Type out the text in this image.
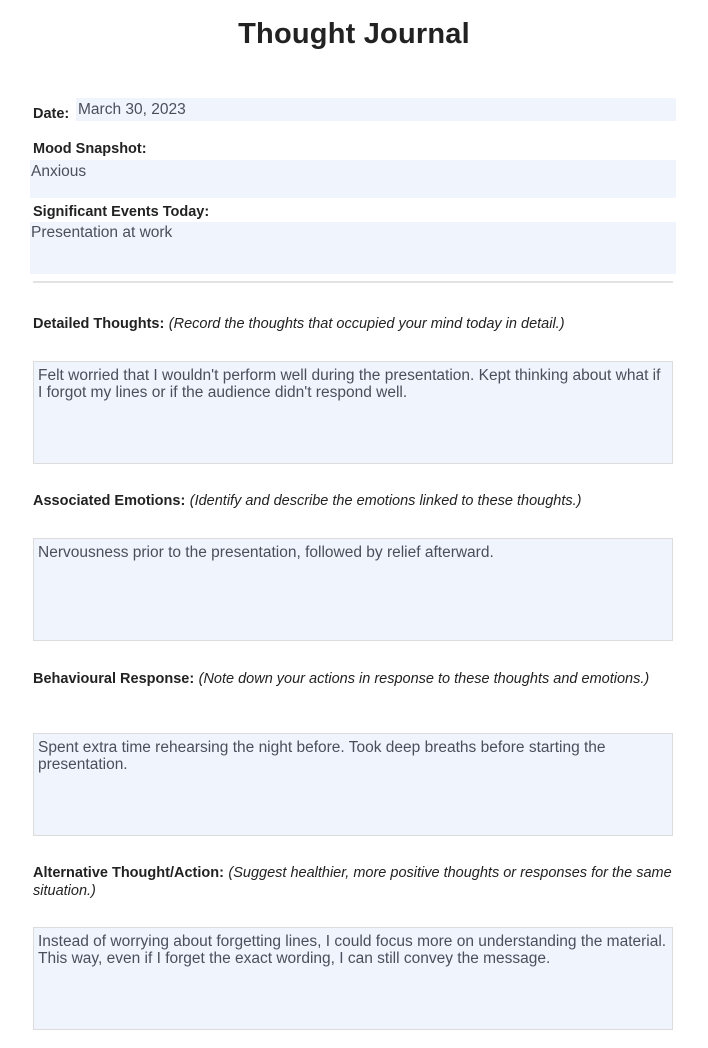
Thought Journal
Date: March 30, 2023
Mood Snapshot:
Anxious
Significant Events Today:
Presentation at work
Detailed Thoughts: (Record the thoughts that occupied your mind today in detail.)
Felt worried that I wouldn't perform well during the presentation. Kept thinking about what if I forgot my lines or if the audience didn't respond well.
Associated Emotions: (Identify and describe the emotions linked to these thoughts.)
Nervousness prior to the presentation, followed by relief afterward.
Behavioural Response: (Note down your actions in response to these thoughts and emotions.)
Spent extra time rehearsing the night before. Took deep breaths before starting the presentation.
Alternative Thought/Action: (Suggest healthier, more positive thoughts or responses for the same situation.)
Instead of worrying about forgetting lines, I could focus more on understanding the material. This way, even if I forget the exact wording, I can still convey the message.
